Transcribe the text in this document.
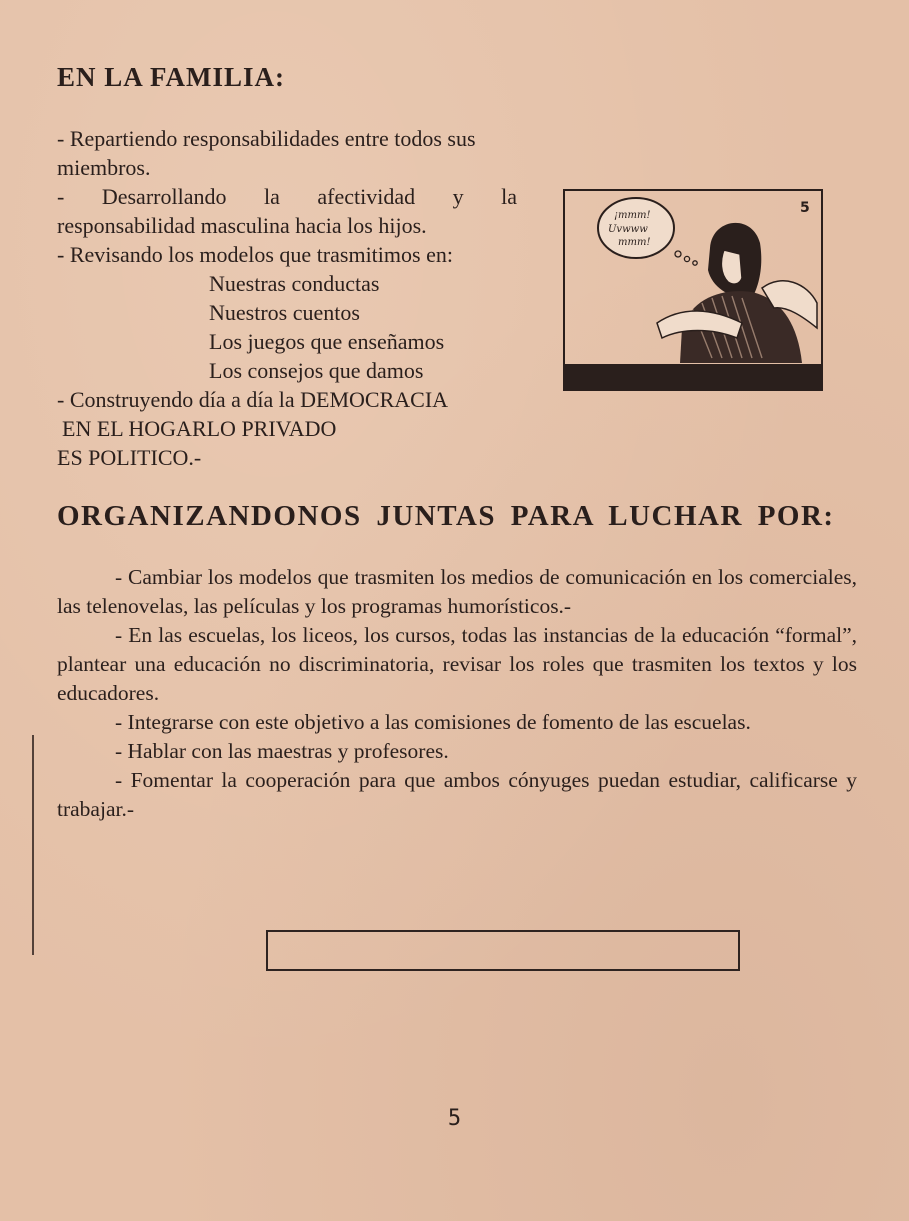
EN LA FAMILIA:

- Repartiendo responsabilidades entre todos sus miembros.

- Desarrollando la afectividad y la

responsabilidad masculina hacia los hijos.

- Revisando los modelos que trasmitimos en:

Nuestras conductas

Nuestros cuentos

Los juegos que enseñamos

Los consejos que damos

- Construyendo día a día la DEMOCRACIA

EN EL HOGARLO PRIVADO

ES POLITICO.-

¡mmm!
Uvwww
mmm!
5
ORGANIZANDONOS JUNTAS PARA LUCHAR POR:

- Cambiar los modelos que trasmiten los medios de comunicación en los comerciales, las telenovelas, las películas y los programas humorísticos.-

- En las escuelas, los liceos, los cursos, todas las instancias de la educación “formal”, plantear una educación no discriminatoria, revisar los roles que trasmiten los textos y los educadores.

- Integrarse con este objetivo a las comisiones de fomento de las escuelas.

- Hablar con las maestras y profesores.

- Fomentar la cooperación para que ambos cónyuges puedan estudiar, calificarse y trabajar.-

5
